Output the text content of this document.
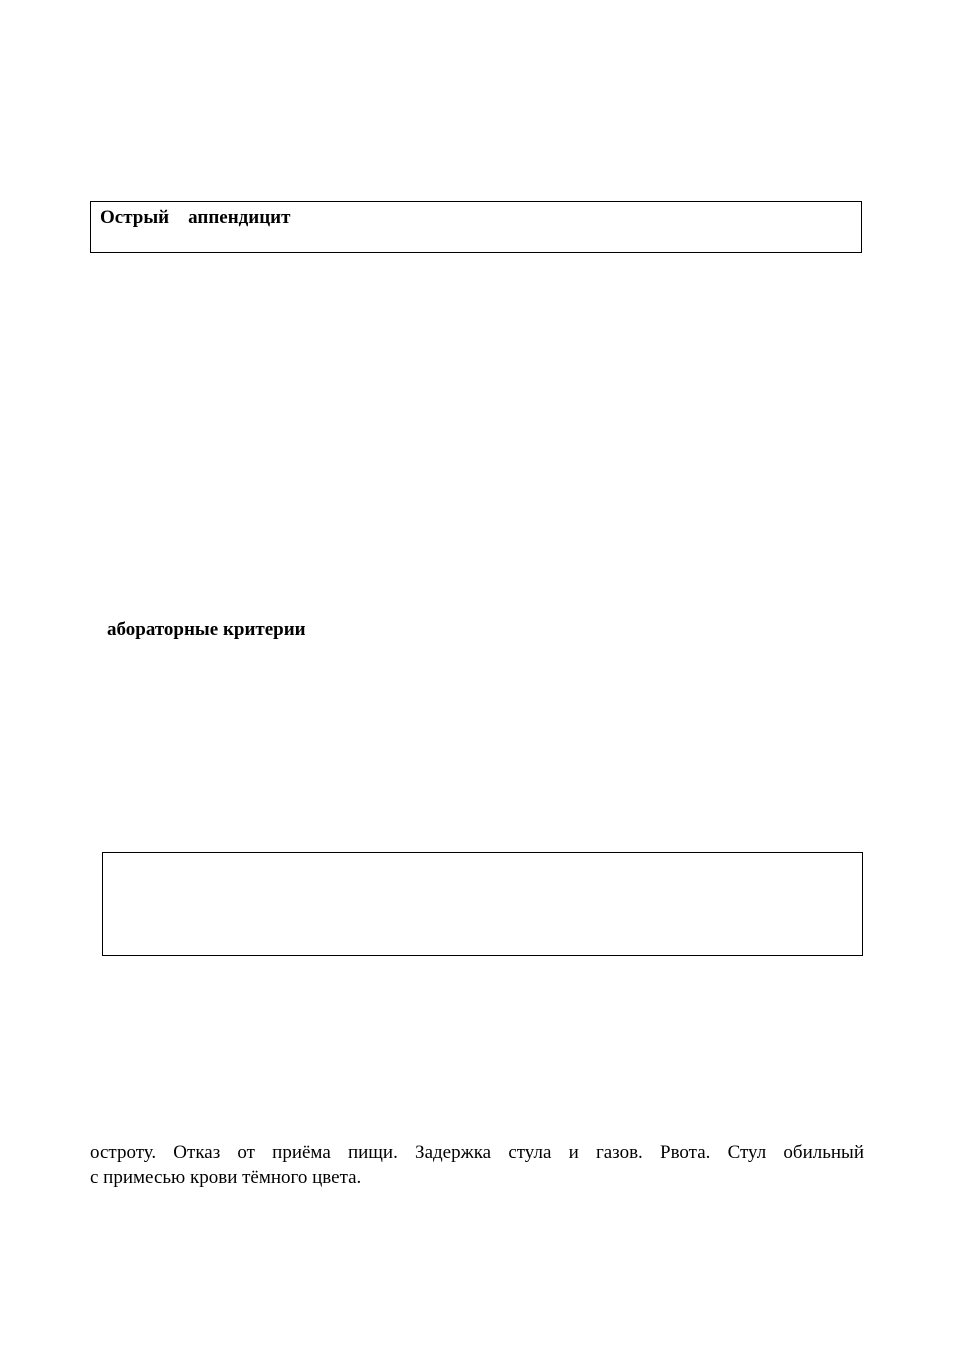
Острый    аппендицит
абораторные критерии
остроту. Отказ от приёма пищи. Задержка стула и газов. Рвота. Стул обильный
с примесью крови тёмного цвета.
